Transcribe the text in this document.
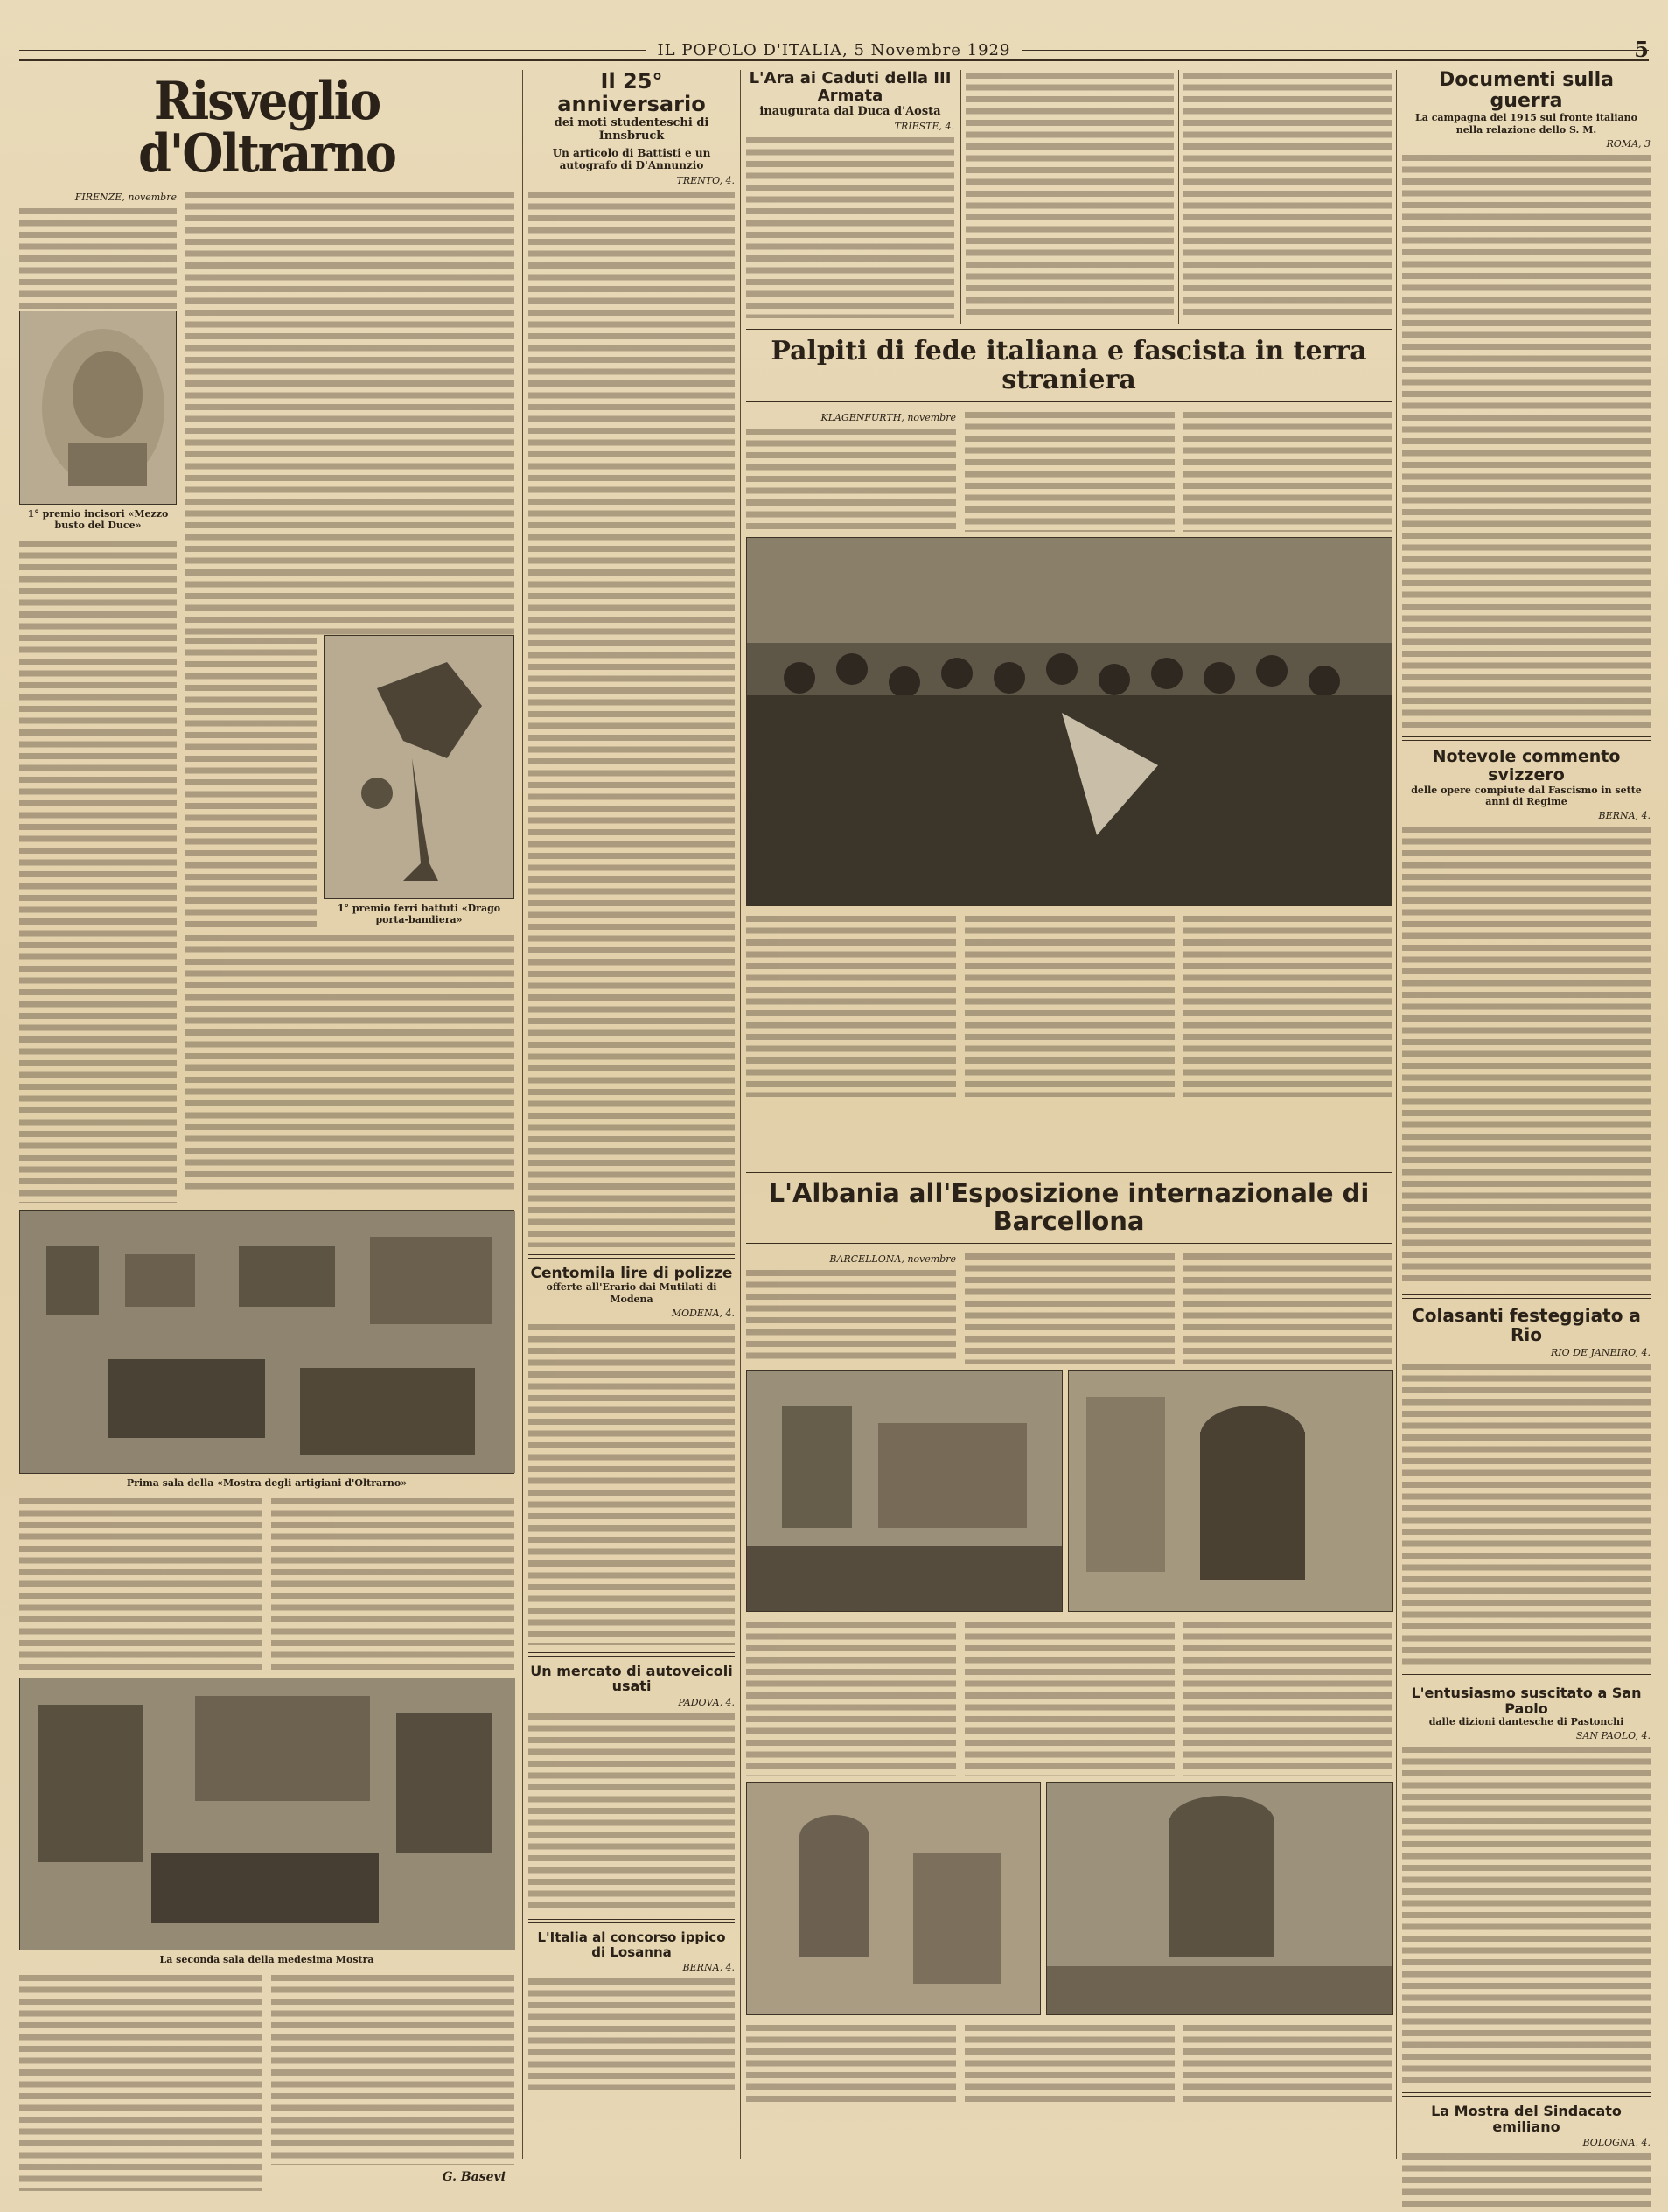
IL POPOLO D'ITALIA, 5 Novembre 1929	5
Risveglio d'Oltrarno
FIRENZE, novembre
1° premio incisori «Mezzo busto del Duce»
1° premio ferri battuti «Drago porta-bandiera»
Prima sala della «Mostra degli artigiani d'Oltrarno»
La seconda sala della medesima Mostra
G. Basevi
Il 25° anniversario
dei moti studenteschi di Innsbruck
Un articolo di Battisti e un autografo di D'Annunzio
TRENTO, 4.
Centomila lire di polizze
offerte all'Erario dai Mutilati di Modena
MODENA, 4.
Un mercato di autoveicoli usati
PADOVA, 4.
L'Italia al concorso ippico di Losanna
BERNA, 4.
L'Ara ai Caduti della III Armata
inaugurata dal Duca d'Aosta
TRIESTE, 4.
Palpiti di fede italiana e fascista in terra straniera
KLAGENFURTH, novembre
L'Albania all'Esposizione internazionale di Barcellona
BARCELLONA, novembre
Documenti sulla guerra
La campagna del 1915 sul fronte italiano nella relazione dello S. M.
ROMA, 3
Notevole commento svizzero
delle opere compiute dal Fascismo in sette anni di Regime
BERNA, 4.
Colasanti festeggiato a Rio
RIO DE JANEIRO, 4.
L'entusiasmo suscitato a San Paolo
dalle dizioni dantesche di Pastonchi
SAN PAOLO, 4.
La Mostra del Sindacato emiliano
BOLOGNA, 4.
